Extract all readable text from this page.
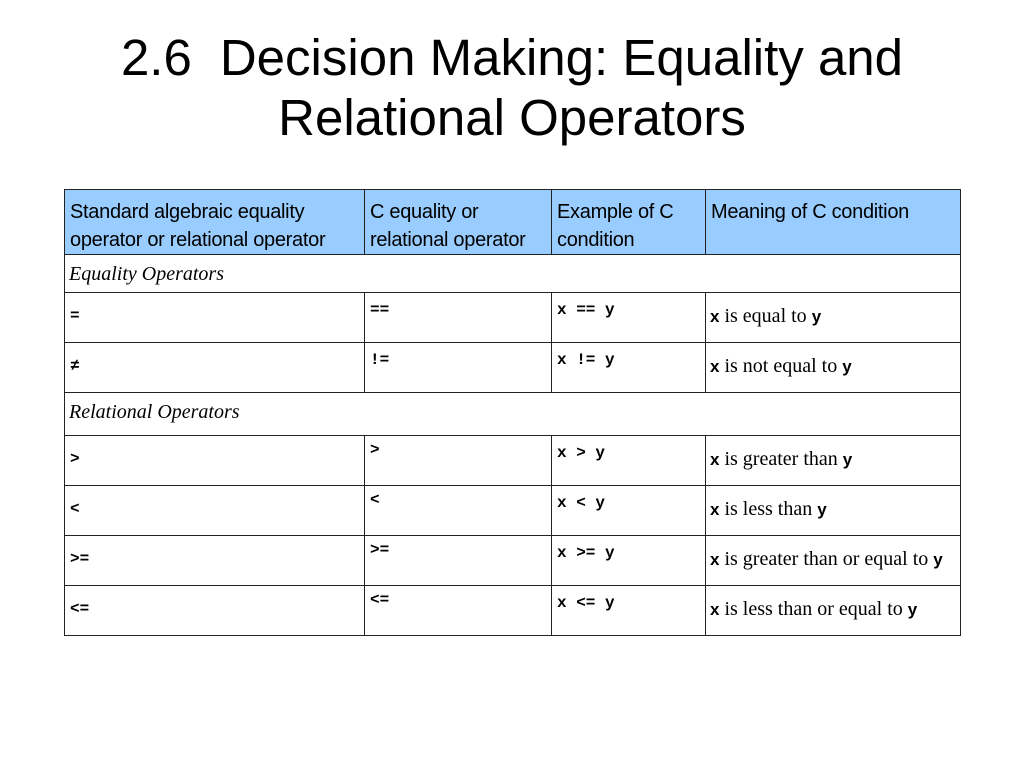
2.6 Decision Making: Equality and
Relational Operators
Standard algebraic equality operator or relational operator	C equality or relational operator	Example of C condition	Meaning of C condition
Equality Operators			
=	==	x == y	x is equal to y
≠	!=	x != y	x is not equal to y
Relational Operators			
>	>	x > y	x is greater than y
<	<	x < y	x is less than y
>=	>=	x >= y	x is greater than or equal to y
<=	<=	x <= y	x is less than or equal to y
